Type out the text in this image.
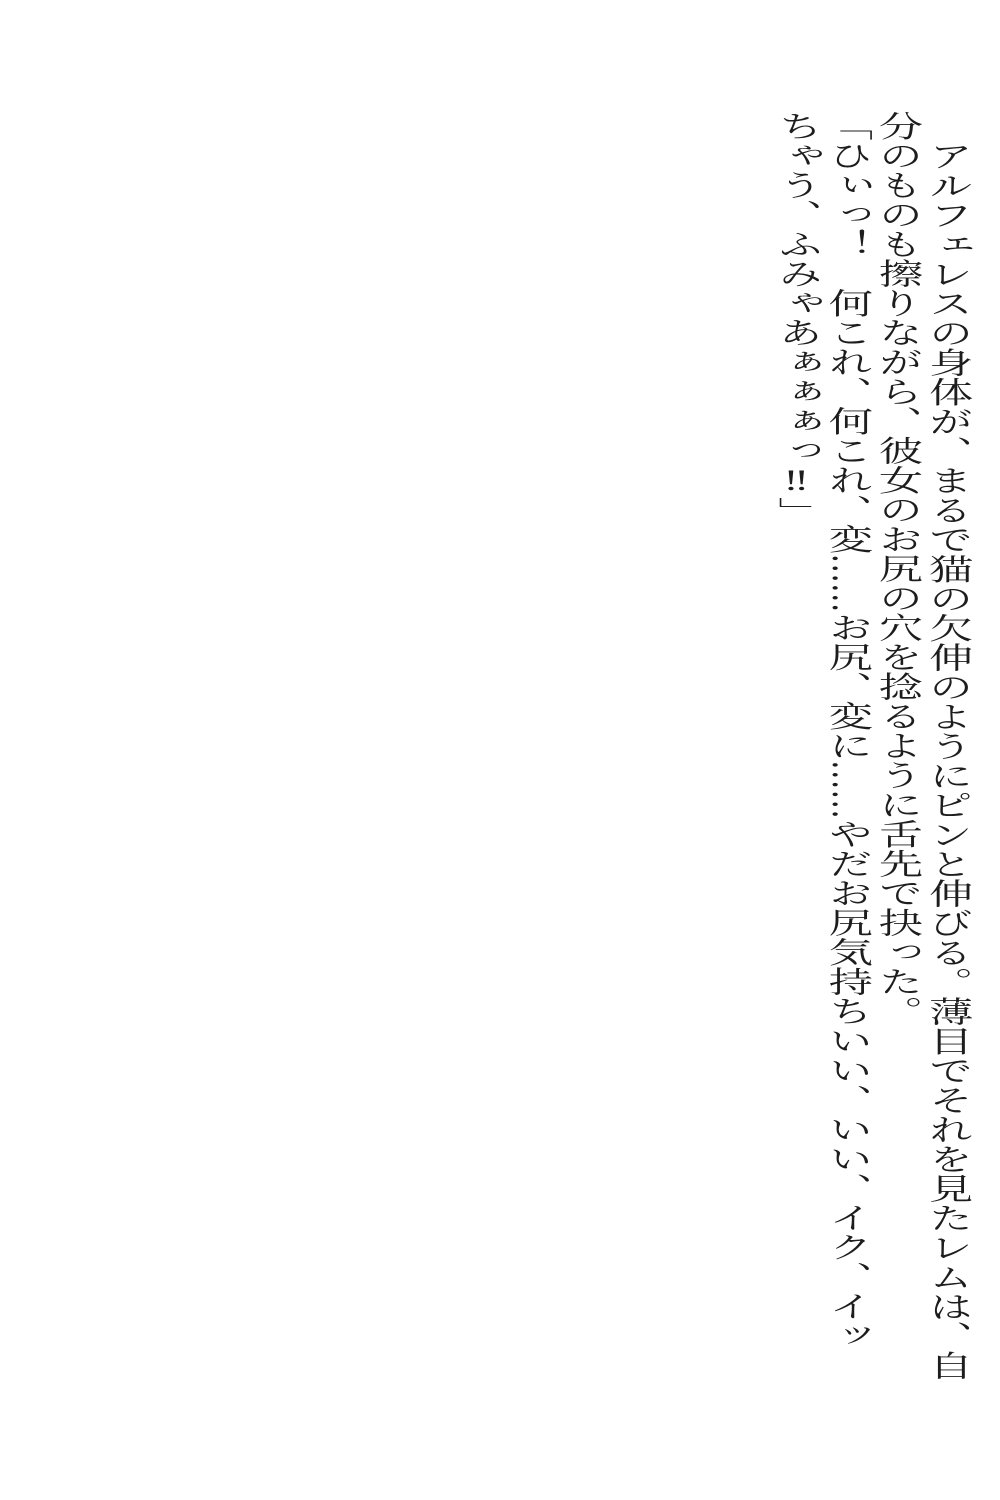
アルフェレスの身体が、まるで猫の欠伸のようにピンと伸びる。薄目でそれを見たレムは、自
分のものも擦りながら、彼女のお尻の穴を捻るように舌先で抉った。
「ひぃっ！　何これ、何これ、変……お尻、変に……やだお尻気持ちいい、いい、イク、イッ
ちゃう、ふみゃあぁぁぁっ‼」
